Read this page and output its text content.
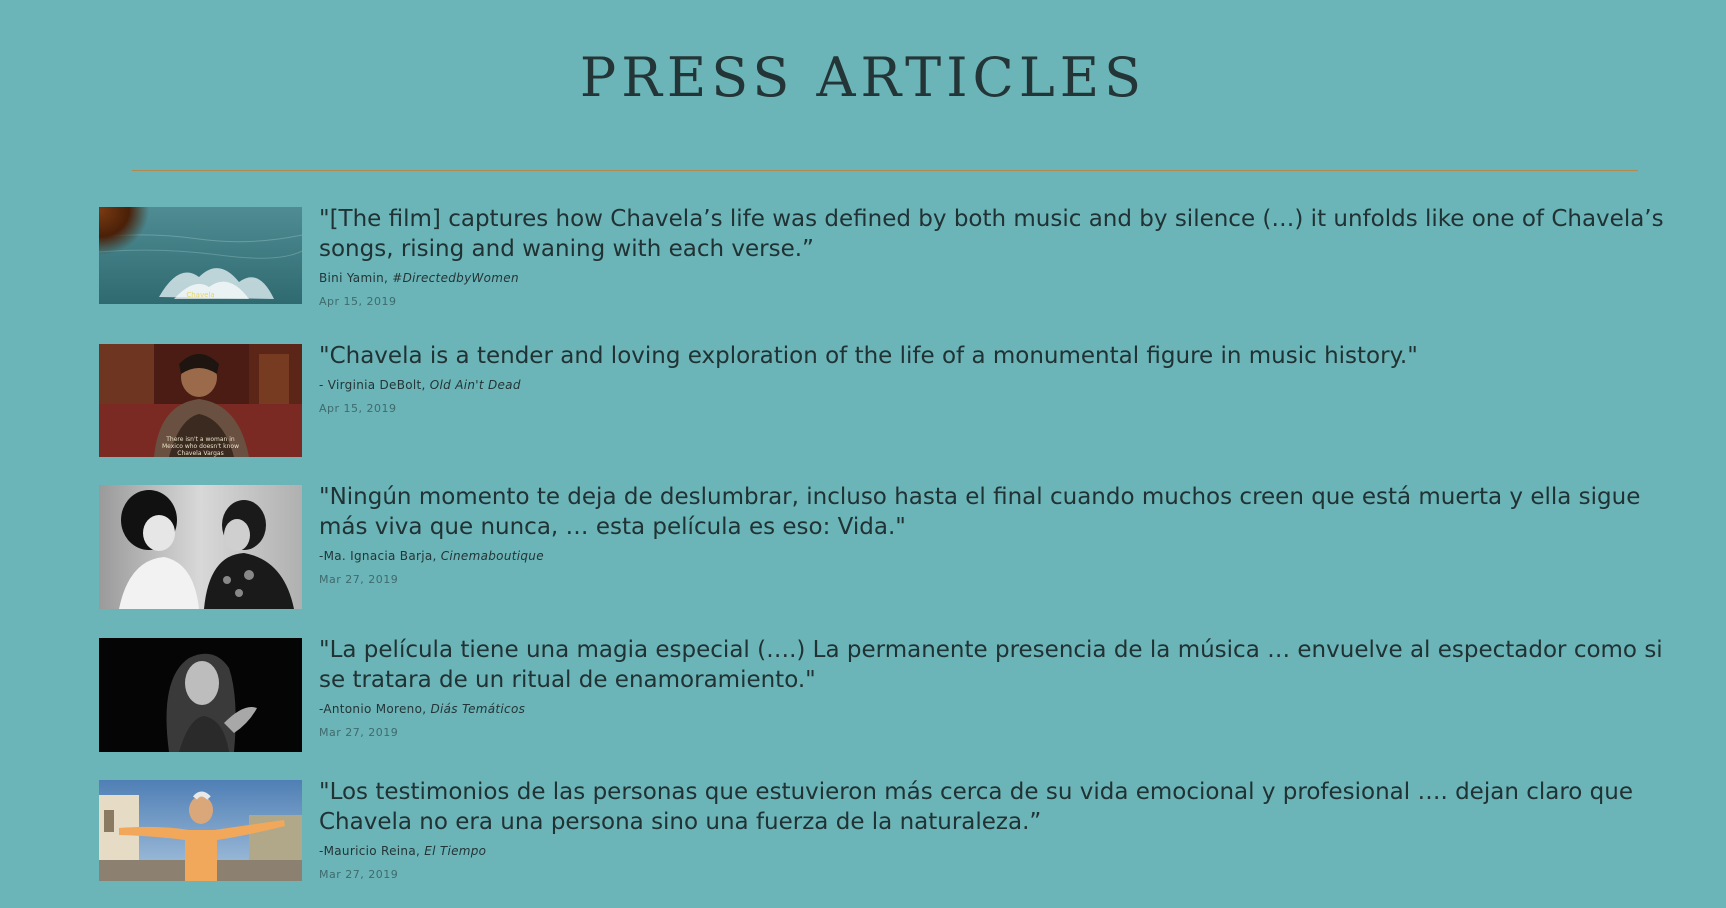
PRESS ARTICLES
Chavela

"[The film] captures how Chavela’s life was defined by both music and by silence (…) it unfolds like one of Chavela’s songs, rising and waning with each verse.”

Bini Yamin, #DirectedbyWomen

Apr 15, 2019

There isn't a woman in Mexico who doesn't know Chavela Vargas

"Chavela is a tender and loving exploration of the life of a monumental figure in music history."

- Virginia DeBolt, Old Ain't Dead

Apr 15, 2019

"Ningún momento te deja de deslumbrar, incluso hasta el final cuando muchos creen que está muerta y ella sigue más viva que nunca, … esta película es eso: Vida."

-Ma. Ignacia Barja, Cinemaboutique

Mar 27, 2019

"La película tiene una magia especial (….) La permanente presencia de la música … envuelve al espectador como si se tratara de un ritual de enamoramiento."

-Antonio Moreno, Diás Temáticos

Mar 27, 2019

"Los testimonios de las personas que estuvieron más cerca de su vida emocional y profesional …. dejan claro que Chavela no era una persona sino una fuerza de la naturaleza.”

-Mauricio Reina, El Tiempo

Mar 27, 2019
